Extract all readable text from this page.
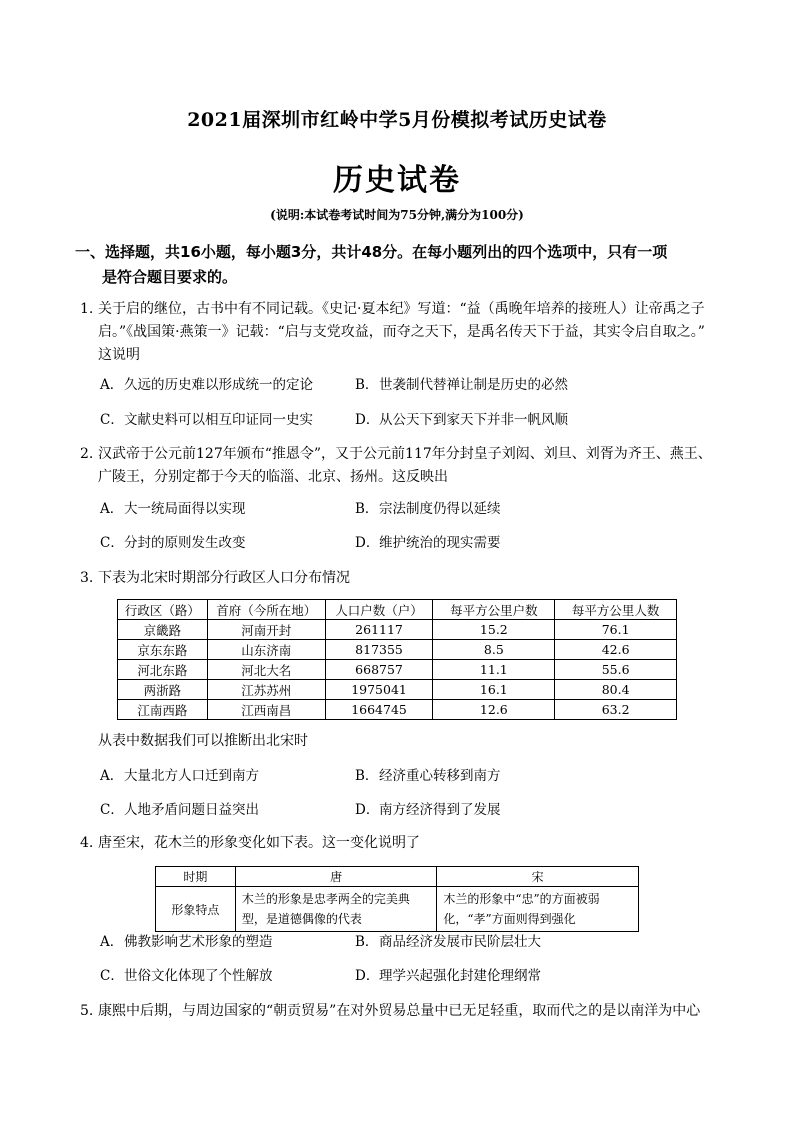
2021届深圳市红岭中学5月份模拟考试历史试卷
历史试卷
(说明:本试卷考试时间为75分钟,满分为100分)
一、选择题，共16小题，每小题3分，共计48分。在每小题列出的四个选项中，只有一项
是符合题目要求的。
1. 关于启的继位，古书中有不同记载。《史记·夏本纪》写道：“益（禹晚年培养的接班人）让帝禹之子
启。”《战国策·燕策一》记载：“启与支党攻益，而夺之天下，是禹名传天下于益，其实令启自取之。”
这说明
A．久远的历史难以形成统一的定论	B．世袭制代替禅让制是历史的必然
C．文献史料可以相互印证同一史实	D．从公天下到家天下并非一帆风顺
2. 汉武帝于公元前127年颁布“推恩令”，又于公元前117年分封皇子刘闳、刘旦、刘胥为齐王、燕王、
广陵王，分别定都于今天的临淄、北京、扬州。这反映出
A．大一统局面得以实现	B．宗法制度仍得以延续
C．分封的原则发生改变	D．维护统治的现实需要
3. 下表为北宋时期部分行政区人口分布情况
行政区（路）	首府（今所在地）	人口户数（户）	每平方公里户数	每平方公里人数
京畿路	河南开封	261117	15.2	76.1
京东东路	山东济南	817355	8.5	42.6
河北东路	河北大名	668757	11.1	55.6
两浙路	江苏苏州	1975041	16.1	80.4
江南西路	江西南昌	1664745	12.6	63.2
从表中数据我们可以推断出北宋时
A．大量北方人口迁到南方	B．经济重心转移到南方
C．人地矛盾问题日益突出	D．南方经济得到了发展
4. 唐至宋，花木兰的形象变化如下表。这一变化说明了
时期	唐	宋
形象特点	木兰的形象是忠孝两全的完美典型，是道德偶像的代表	木兰的形象中“忠”的方面被弱化，“孝”方面则得到强化
A．佛教影响艺术形象的塑造	B．商品经济发展市民阶层壮大
C．世俗文化体现了个性解放	D．理学兴起强化封建伦理纲常
5. 康熙中后期，与周边国家的“朝贡贸易”在对外贸易总量中已无足轻重，取而代之的是以南洋为中心
